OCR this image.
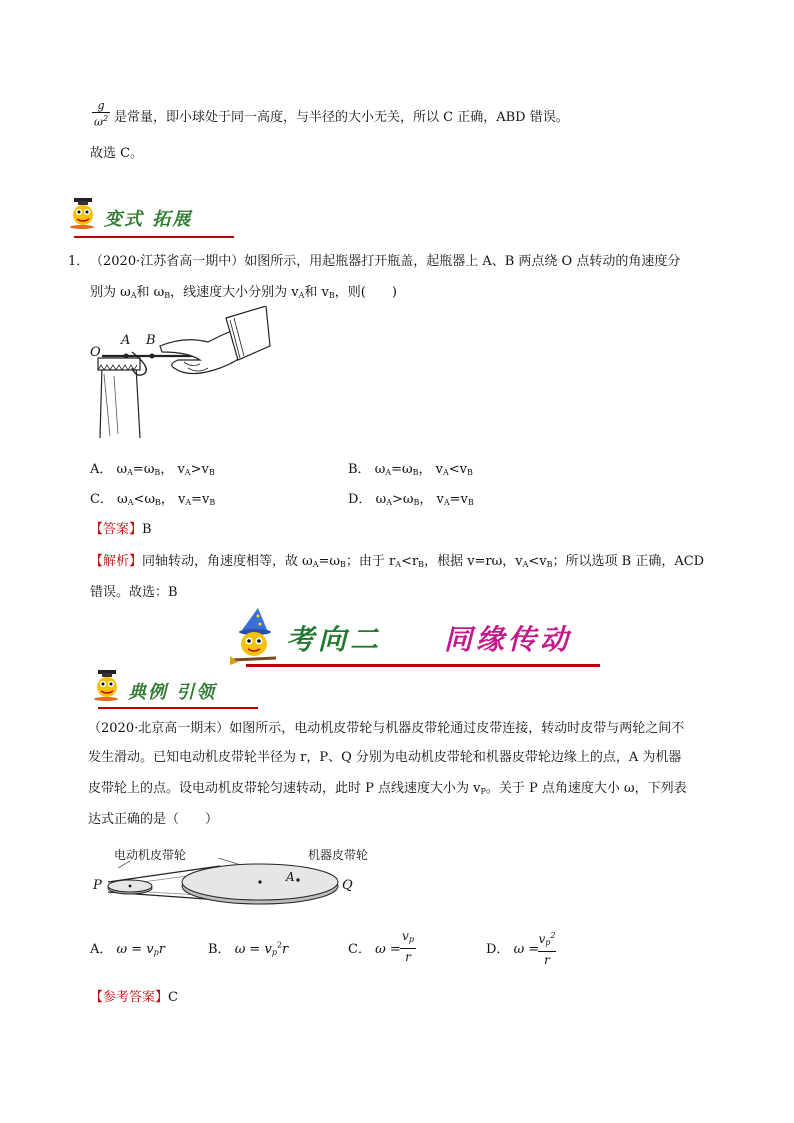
$\frac{g}{\omega^2}$ 是常量，即小球处于同一高度，与半径的大小无关，所以 C 正确，ABD 错误。
故选 C。
变式 拓展
1． （2020·江苏省高一期中）如图所示，用起瓶器打开瓶盖，起瓶器上 A、B 两点绕 O 点转动的角速度分
别为 $\omega_A$和 $\omega_B$，线速度大小分别为 $v_A$和 $v_B$，则(　　)
O
A B
A． $\omega_A=\omega_B$， $v_A>v_B$	B． $\omega_A=\omega_B$， $v_A<v_B$
C． $\omega_A<\omega_B$， $v_A=v_B$	D． $\omega_A>\omega_B$， $v_A=v_B$
【答案】B
【解析】同轴转动，角速度相等，故 $\omega_A=\omega_B$；由于 $r_A<r_B$，根据 v=rω，$v_A<v_B$；所以选项 B 正确，ACD
错误。故选：B
考向二 同缘传动
典例 引领
（2020·北京高一期末）如图所示，电动机皮带轮与机器皮带轮通过皮带连接，转动时皮带与两轮之间不
发生滑动。已知电动机皮带轮半径为 r，P、Q 分别为电动机皮带轮和机器皮带轮边缘上的点，A 为机器
皮带轮上的点。设电动机皮带轮匀速转动，此时 P 点线速度大小为 $v_P$。关于 P 点角速度大小 ω，下列表
达式正确的是（　　）
电动机皮带轮	机器皮带轮
P
A
Q
A． $\omega = v_pr$	B． $\omega = v_p^2r$	C． $\omega = \frac{v_p}{r}$	D． ω =
$\frac{v_p^2}{r}$
【参考答案】C
